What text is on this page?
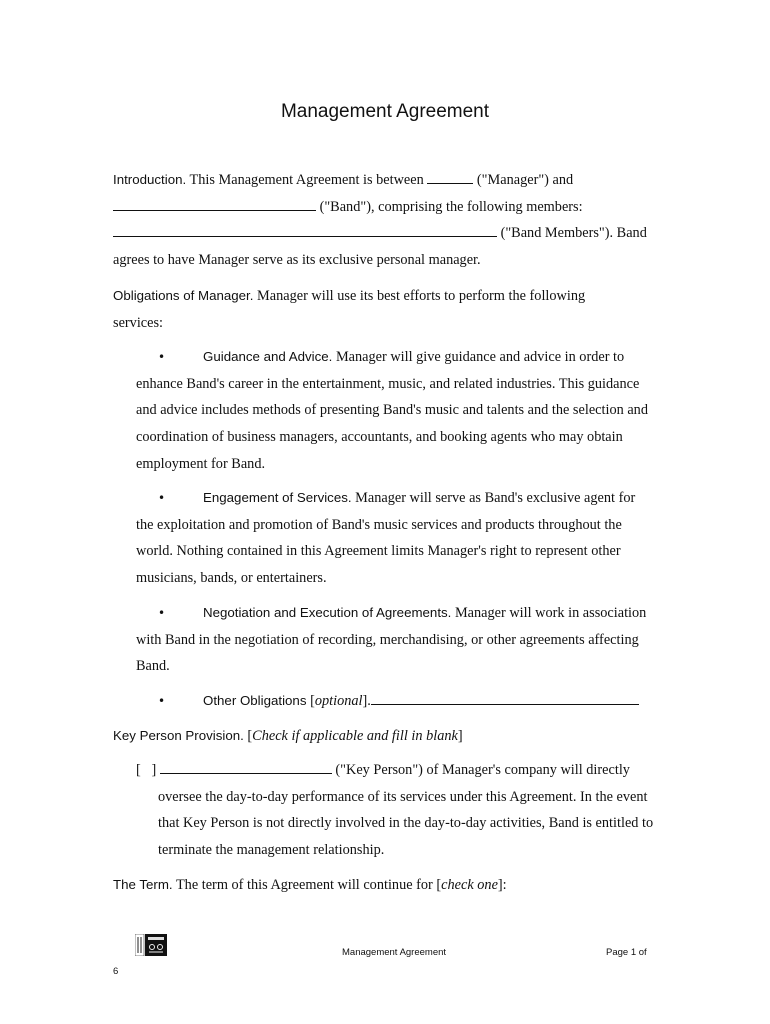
Management Agreement
Introduction. This Management Agreement is between	("Manager") and
("Band"), comprising the following members:
("Band Members"). Band
agrees to have Manager serve as its exclusive personal manager.
Obligations of Manager. Manager will use its best efforts to perform the following services:
•	Guidance and Advice. Manager will give guidance and advice in order to enhance Band's career in the entertainment, music, and related industries. This guidance and advice includes methods of presenting Band's music and talents and the selection and coordination of business managers, accountants, and booking agents who may obtain employment for Band.
•	Engagement of Services. Manager will serve as Band's exclusive agent for the exploitation and promotion of Band's music services and products throughout the world. Nothing contained in this Agreement limits Manager's right to represent other musicians, bands, or entertainers.
•	Negotiation and Execution of Agreements. Manager will work in association with Band in the negotiation of recording, merchandising, or other agreements affecting Band.
•	Other Obligations [optional].
Key Person Provision. [Check if applicable and fill in blank]
[   ]	("Key Person") of Manager's company will directly oversee the day-to-day performance of its services under this Agreement. In the event that Key Person is not directly involved in the day-to-day activities, Band is entitled to terminate the management relationship.
The Term. The term of this Agreement will continue for [check one]:
Management Agreement	Page 1 of
6
